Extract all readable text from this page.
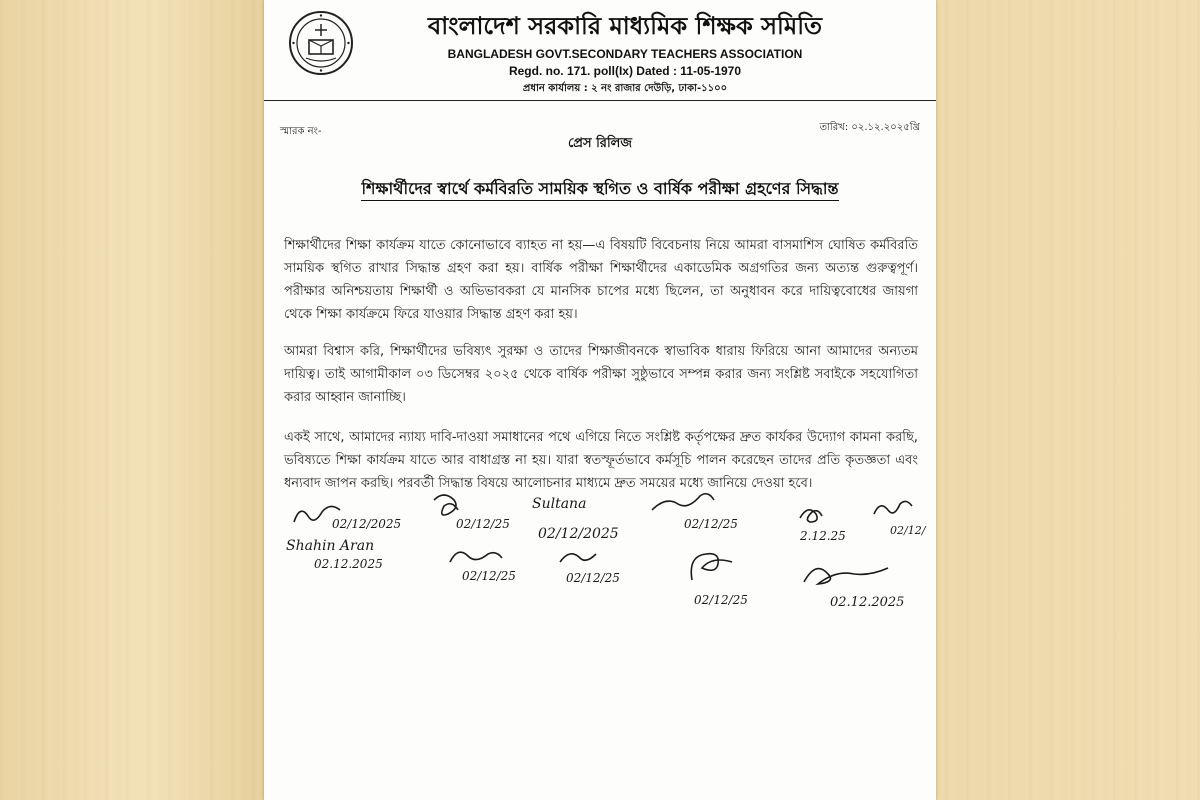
বাংলাদেশ সরকারি মাধ্যমিক শিক্ষক সমিতি
BANGLADESH GOVT.SECONDARY TEACHERS ASSOCIATION
Regd. no. 171. poll(Ix) Dated : 11-05-1970
প্রধান কার্যালয় : ২ নং রাজার দেউড়ি, ঢাকা-১১০০
স্মারক নং-	তারিখ: ০২.১২.২০২৫খ্রি
প্রেস রিলিজ
শিক্ষার্থীদের স্বার্থে কর্মবিরতি সাময়িক স্থগিত ও বার্ষিক পরীক্ষা গ্রহণের সিদ্ধান্ত
শিক্ষার্থীদের শিক্ষা কার্যক্রম যাতে কোনোভাবে ব্যাহত না হয়—এ বিষয়টি বিবেচনায় নিয়ে আমরা বাসমাশিস ঘোষিত কর্মবিরতি সাময়িক স্থগিত রাখার সিদ্ধান্ত গ্রহণ করা হয়। বার্ষিক পরীক্ষা শিক্ষার্থীদের একাডেমিক অগ্রগতির জন্য অত্যন্ত গুরুত্বপূর্ণ। পরীক্ষার অনিশ্চয়তায় শিক্ষার্থী ও অভিভাবকরা যে মানসিক চাপের মধ্যে ছিলেন, তা অনুধাবন করে দায়িত্ববোধের জায়গা থেকে শিক্ষা কার্যক্রমে ফিরে যাওয়ার সিদ্ধান্ত গ্রহণ করা হয়।
আমরা বিশ্বাস করি, শিক্ষার্থীদের ভবিষ্যৎ সুরক্ষা ও তাদের শিক্ষাজীবনকে স্বাভাবিক ধারায় ফিরিয়ে আনা আমাদের অন্যতম দায়িত্ব। তাই আগামীকাল ০৩ ডিসেম্বর ২০২৫ থেকে বার্ষিক পরীক্ষা সুষ্ঠুভাবে সম্পন্ন করার জন্য সংশ্লিষ্ট সবাইকে সহযোগিতা করার আহ্বান জানাচ্ছি।
একই সাথে, আমাদের ন্যায্য দাবি-দাওয়া সমাধানের পথে এগিয়ে নিতে সংশ্লিষ্ট কর্তৃপক্ষের দ্রুত কার্যকর উদ্যোগ কামনা করছি, ভবিষ্যতে শিক্ষা কার্যক্রম যাতে আর বাধাগ্রস্ত না হয়। যারা স্বতস্ফূর্তভাবে কর্মসূচি পালন করেছেন তাদের প্রতি কৃতজ্ঞতা এবং ধন্যবাদ জাপন করছি। পরবর্তী সিদ্ধান্ত বিষয়ে আলোচনার মাধ্যমে দ্রুত সময়ের মধ্যে জানিয়ে দেওয়া হবে।
02/12/2025	02/12/25
Sultana
02/12/2025
02/12/25
2.12.25	02/12/
Shahin Aran
02.12.2025
02/12/25	02/12/25
02/12/25	02.12.2025
